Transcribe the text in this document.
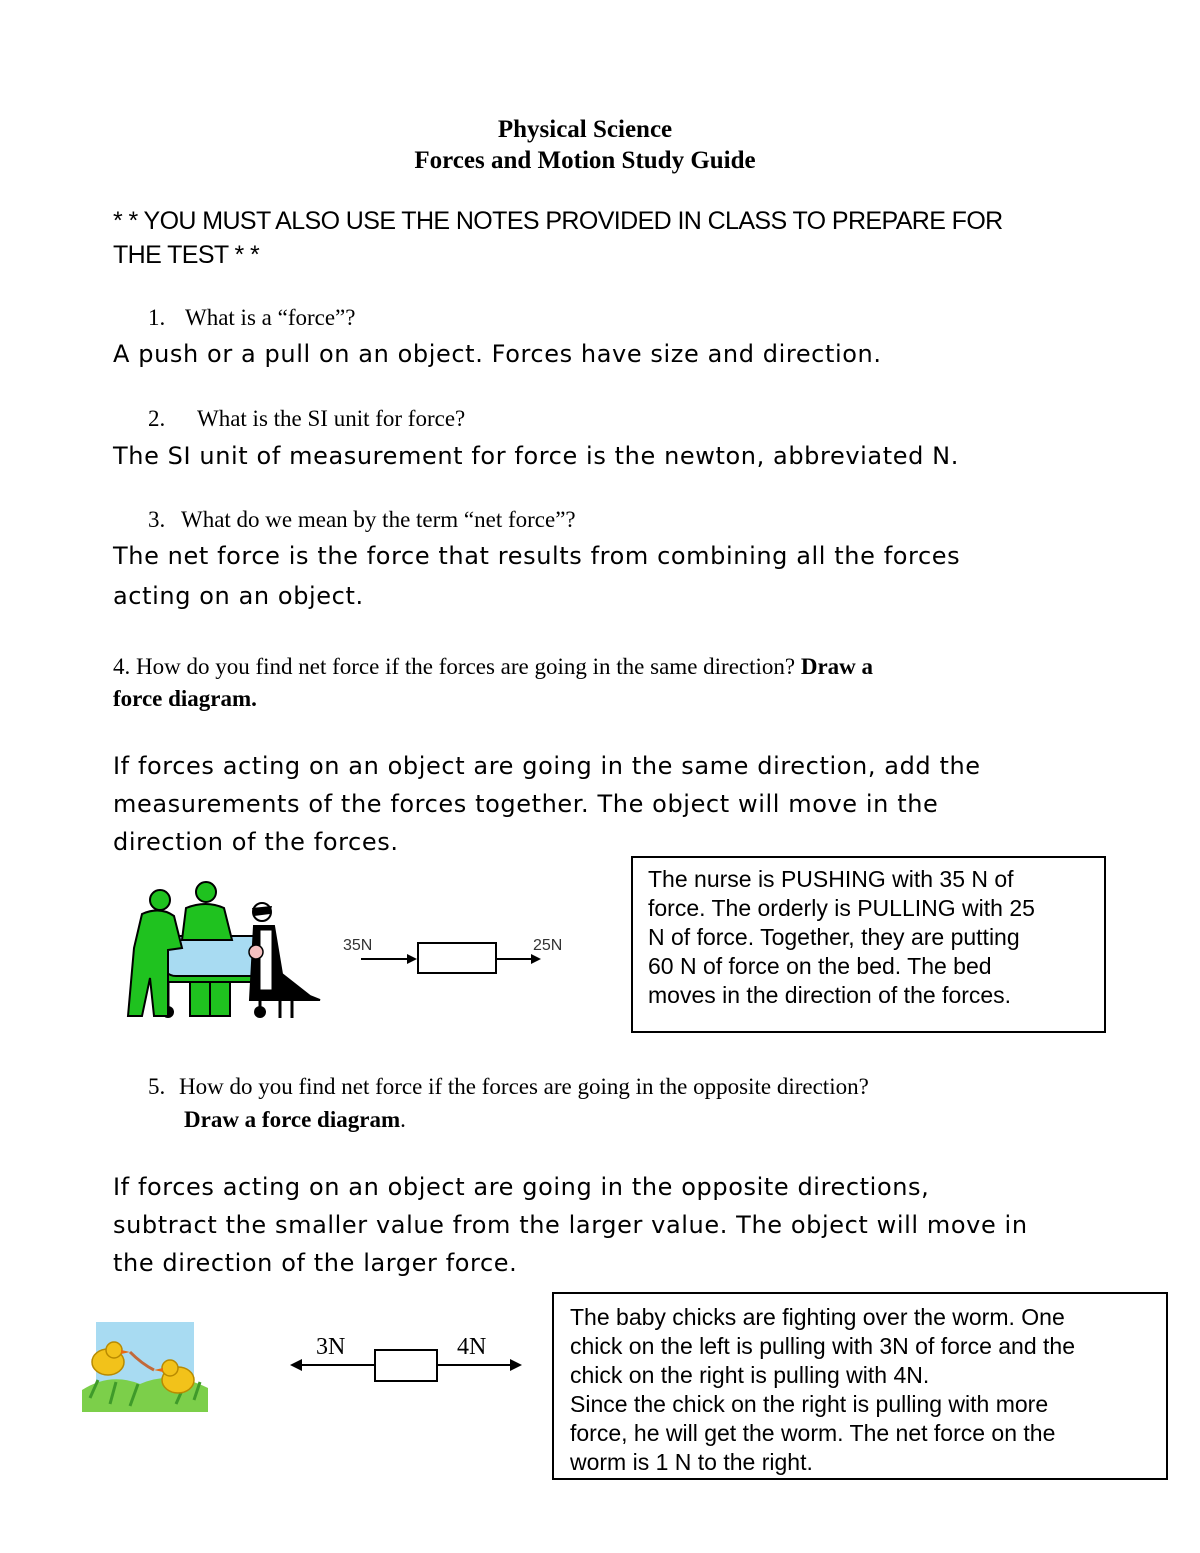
Physical Science
Forces and Motion Study Guide
* * YOU MUST ALSO USE THE NOTES PROVIDED IN CLASS TO PREPARE FOR
THE TEST * *
1. What is a “force”?
A push or a pull on an object. Forces have size and direction.
2. What is the SI unit for force?
The SI unit of measurement for force is the newton, abbreviated N.
3. What do we mean by the term “net force”?
The net force is the force that results from combining all the forces
acting on an object.
4. How do you find net force if the forces are going in the same direction? Draw a
force diagram.
If forces acting on an object are going in the same direction, add the
measurements of the forces together. The object will move in the
direction of the forces.
35N	25N

The nurse is PUSHING with 35 N of

force. The orderly is PULLING with 25

N of force. Together, they are putting

60 N of force on the bed. The bed

moves in the direction of the forces.

5. How do you find net force if the forces are going in the opposite direction?
Draw a force diagram.
If forces acting on an object are going in the opposite directions,
subtract the smaller value from the larger value. The object will move in
the direction of the larger force.
3N	4N

The baby chicks are fighting over the worm. One

chick on the left is pulling with 3N of force and the

chick on the right is pulling with 4N.

Since the chick on the right is pulling with more

force, he will get the worm. The net force on the

worm is 1 N to the right.
